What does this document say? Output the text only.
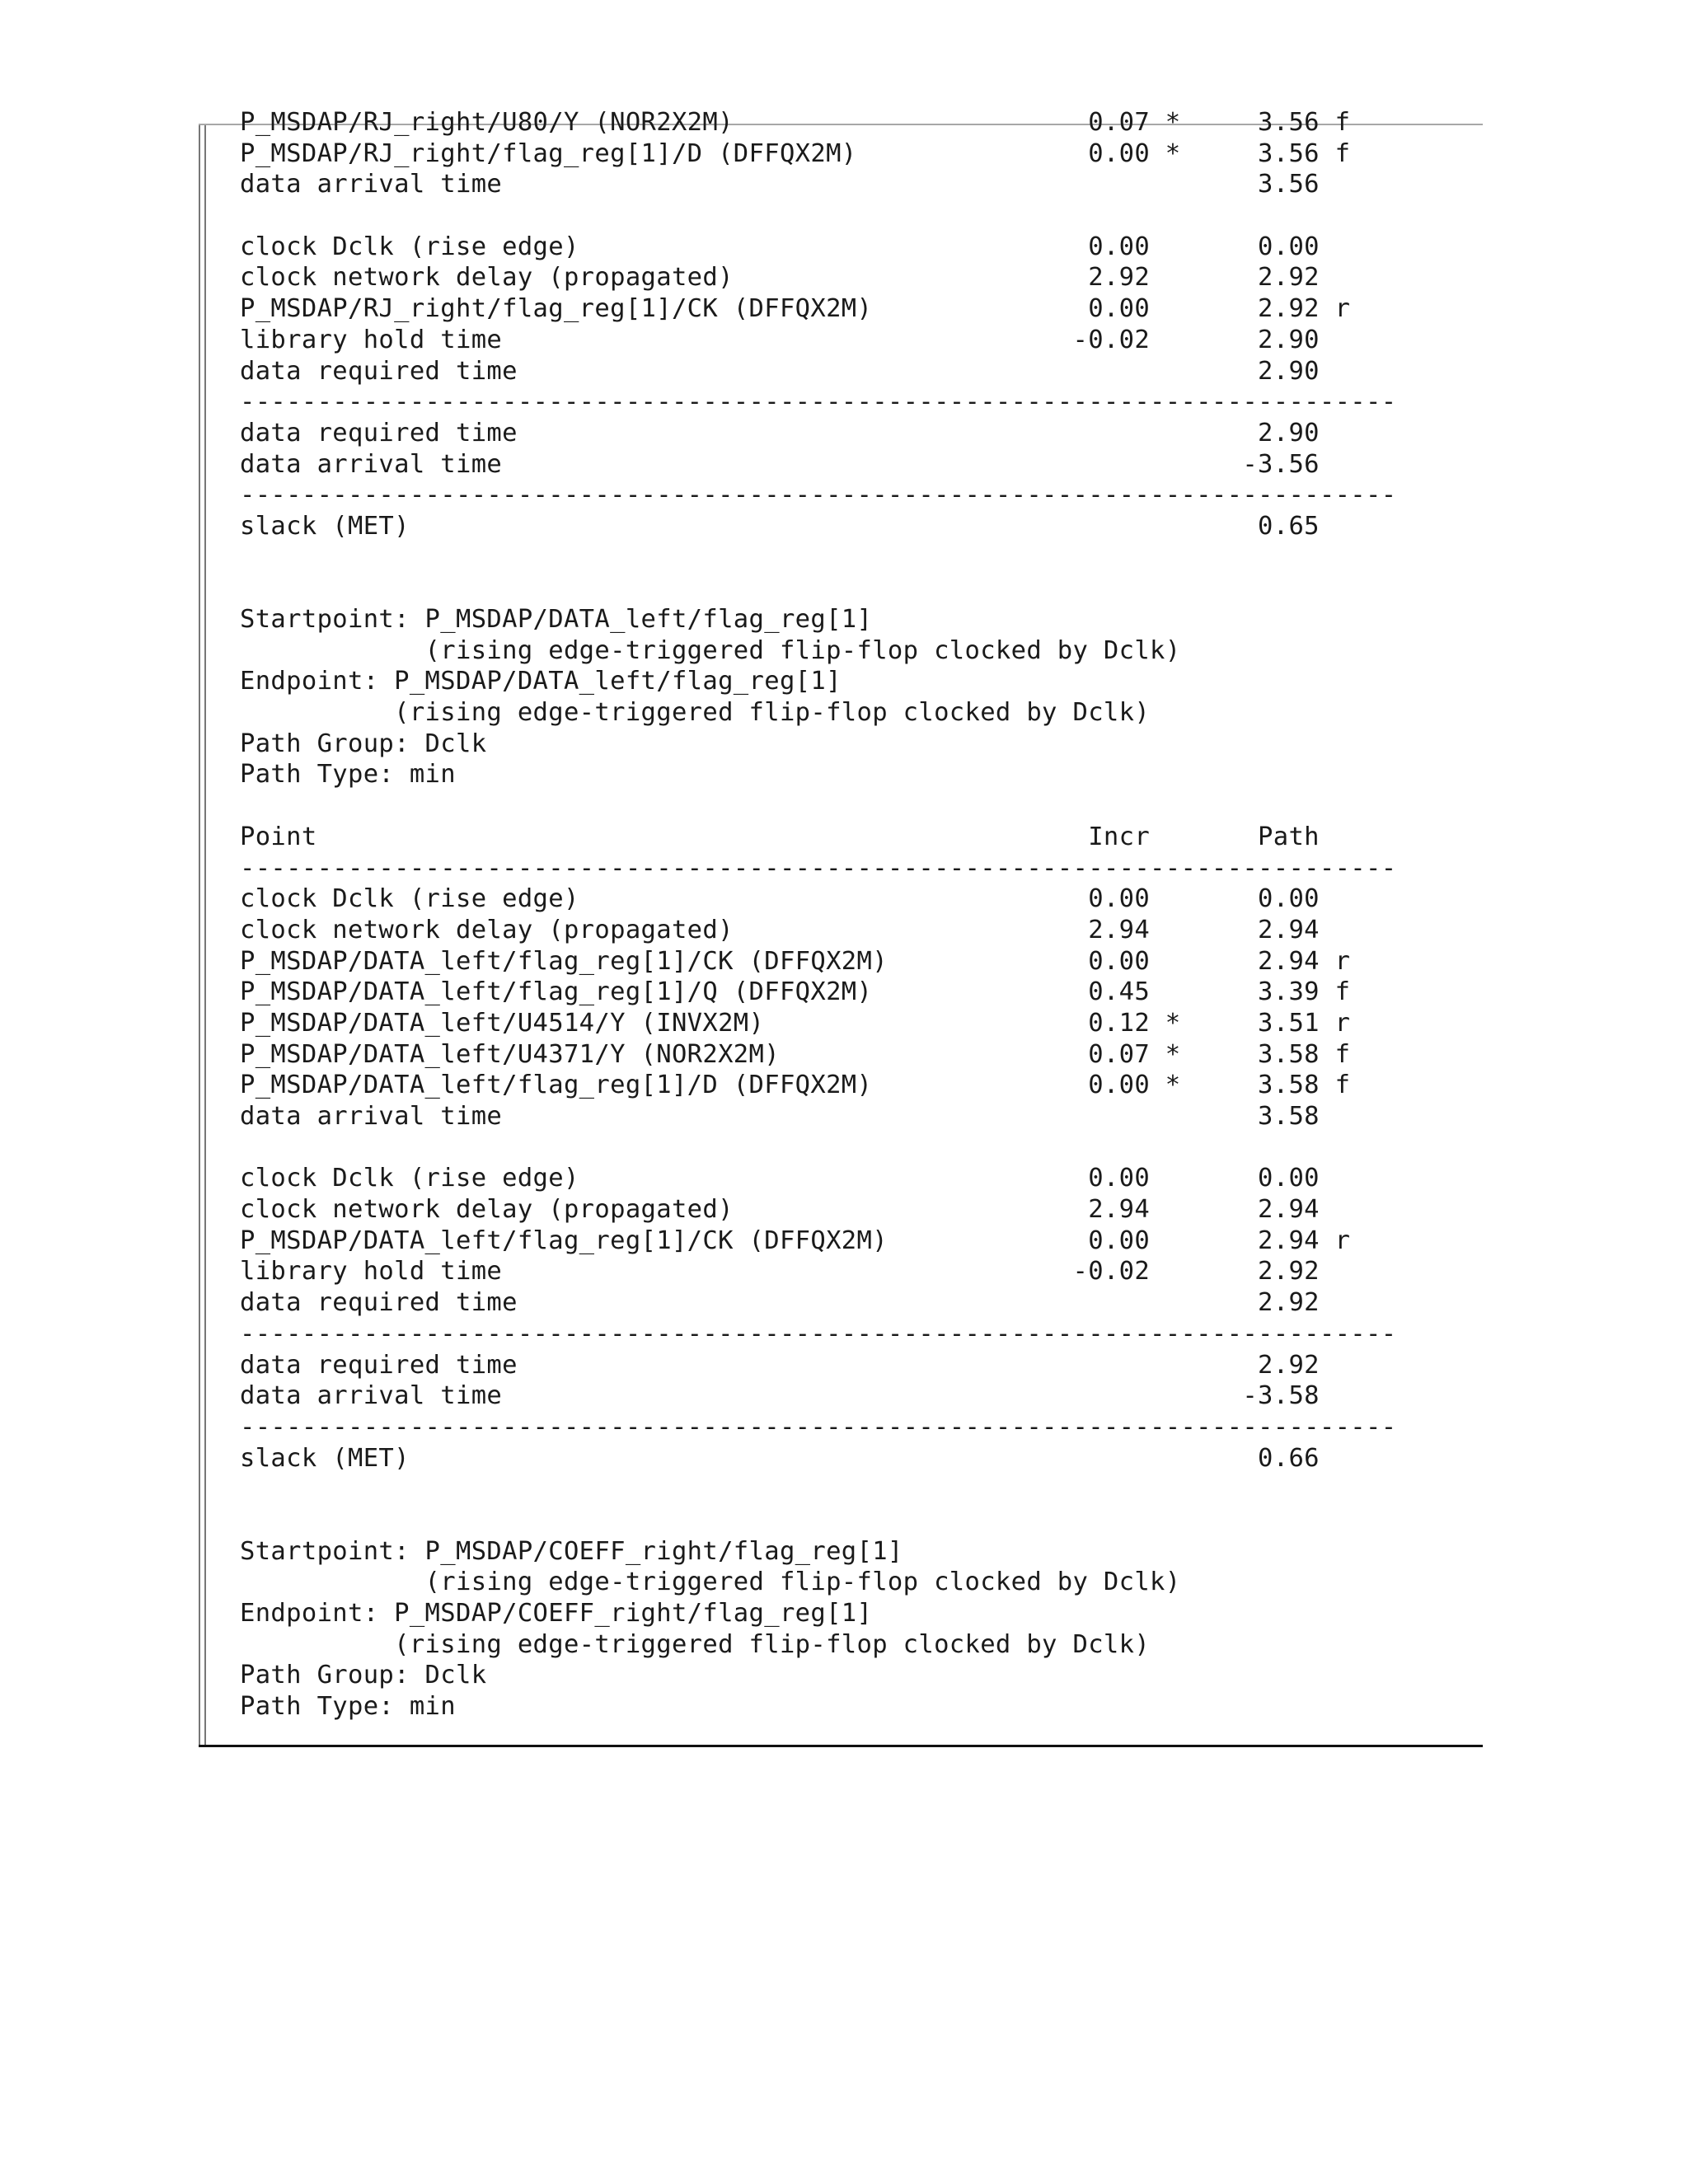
P_MSDAP/RJ_right/U80/Y (NOR2X2M)                       0.07 *     3.56 f
P_MSDAP/RJ_right/flag_reg[1]/D (DFFQX2M)               0.00 *     3.56 f
data arrival time                                                 3.56

clock Dclk (rise edge)                                 0.00       0.00
clock network delay (propagated)                       2.92       2.92
P_MSDAP/RJ_right/flag_reg[1]/CK (DFFQX2M)              0.00       2.92 r
library hold time                                     -0.02       2.90
data required time                                                2.90
---------------------------------------------------------------------------
data required time                                                2.90
data arrival time                                                -3.56
---------------------------------------------------------------------------
slack (MET)                                                       0.65

Startpoint: P_MSDAP/DATA_left/flag_reg[1]
(rising edge-triggered flip-flop clocked by Dclk)
Endpoint: P_MSDAP/DATA_left/flag_reg[1]
(rising edge-triggered flip-flop clocked by Dclk)
Path Group: Dclk
Path Type: min

Point                                                  Incr       Path
---------------------------------------------------------------------------
clock Dclk (rise edge)                                 0.00       0.00
clock network delay (propagated)                       2.94       2.94
P_MSDAP/DATA_left/flag_reg[1]/CK (DFFQX2M)             0.00       2.94 r
P_MSDAP/DATA_left/flag_reg[1]/Q (DFFQX2M)              0.45       3.39 f
P_MSDAP/DATA_left/U4514/Y (INVX2M)                     0.12 *     3.51 r
P_MSDAP/DATA_left/U4371/Y (NOR2X2M)                    0.07 *     3.58 f
P_MSDAP/DATA_left/flag_reg[1]/D (DFFQX2M)              0.00 *     3.58 f
data arrival time                                                 3.58

clock Dclk (rise edge)                                 0.00       0.00
clock network delay (propagated)                       2.94       2.94
P_MSDAP/DATA_left/flag_reg[1]/CK (DFFQX2M)             0.00       2.94 r
library hold time                                     -0.02       2.92
data required time                                                2.92
---------------------------------------------------------------------------
data required time                                                2.92
data arrival time                                                -3.58
---------------------------------------------------------------------------
slack (MET)                                                       0.66

Startpoint: P_MSDAP/COEFF_right/flag_reg[1]
(rising edge-triggered flip-flop clocked by Dclk)
Endpoint: P_MSDAP/COEFF_right/flag_reg[1]
(rising edge-triggered flip-flop clocked by Dclk)
Path Group: Dclk
Path Type: min
